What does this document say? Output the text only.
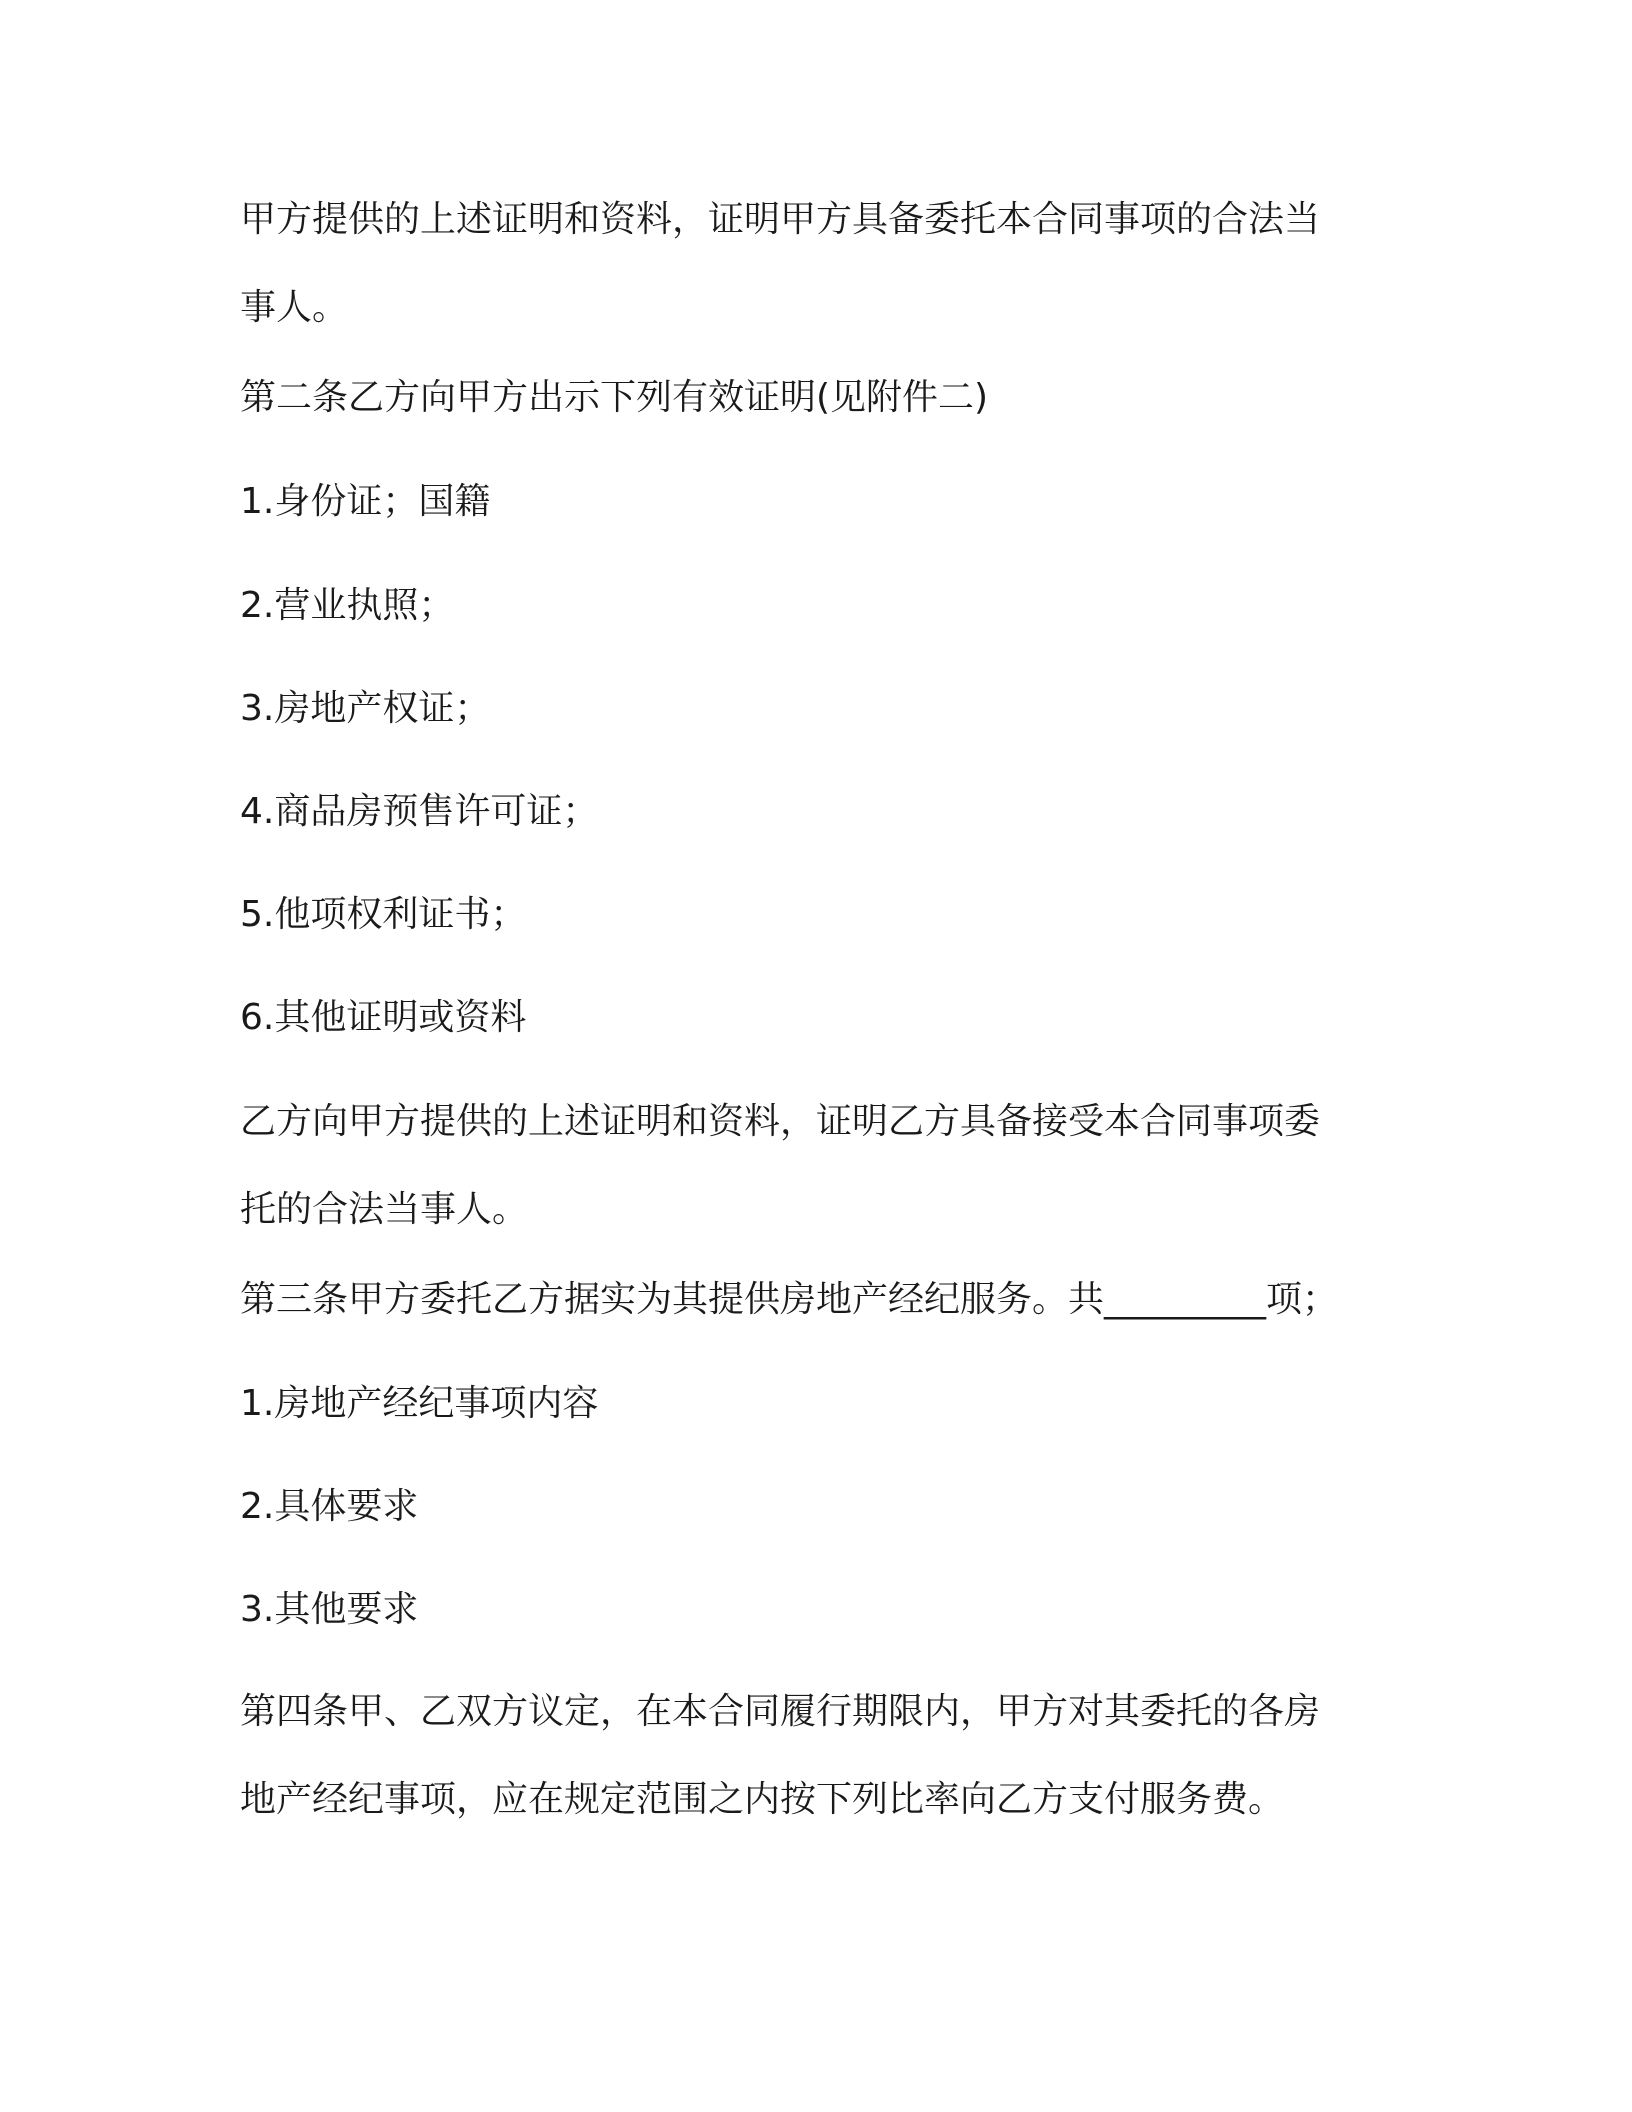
甲方提供的上述证明和资料，证明甲方具备委托本合同事项的合法当
事人。

第二条乙方向甲方出示下列有效证明(见附件二)

1.身份证；国籍

2.营业执照；

3.房地产权证；

4.商品房预售许可证；

5.他项权利证书；

6.其他证明或资料

乙方向甲方提供的上述证明和资料，证明乙方具备接受本合同事项委
托的合法当事人。

第三条甲方委托乙方据实为其提供房地产经纪服务。共_________项；

1.房地产经纪事项内容

2.具体要求

3.其他要求

第四条甲、乙双方议定，在本合同履行期限内，甲方对其委托的各房
地产经纪事项，应在规定范围之内按下列比率向乙方支付服务费。
